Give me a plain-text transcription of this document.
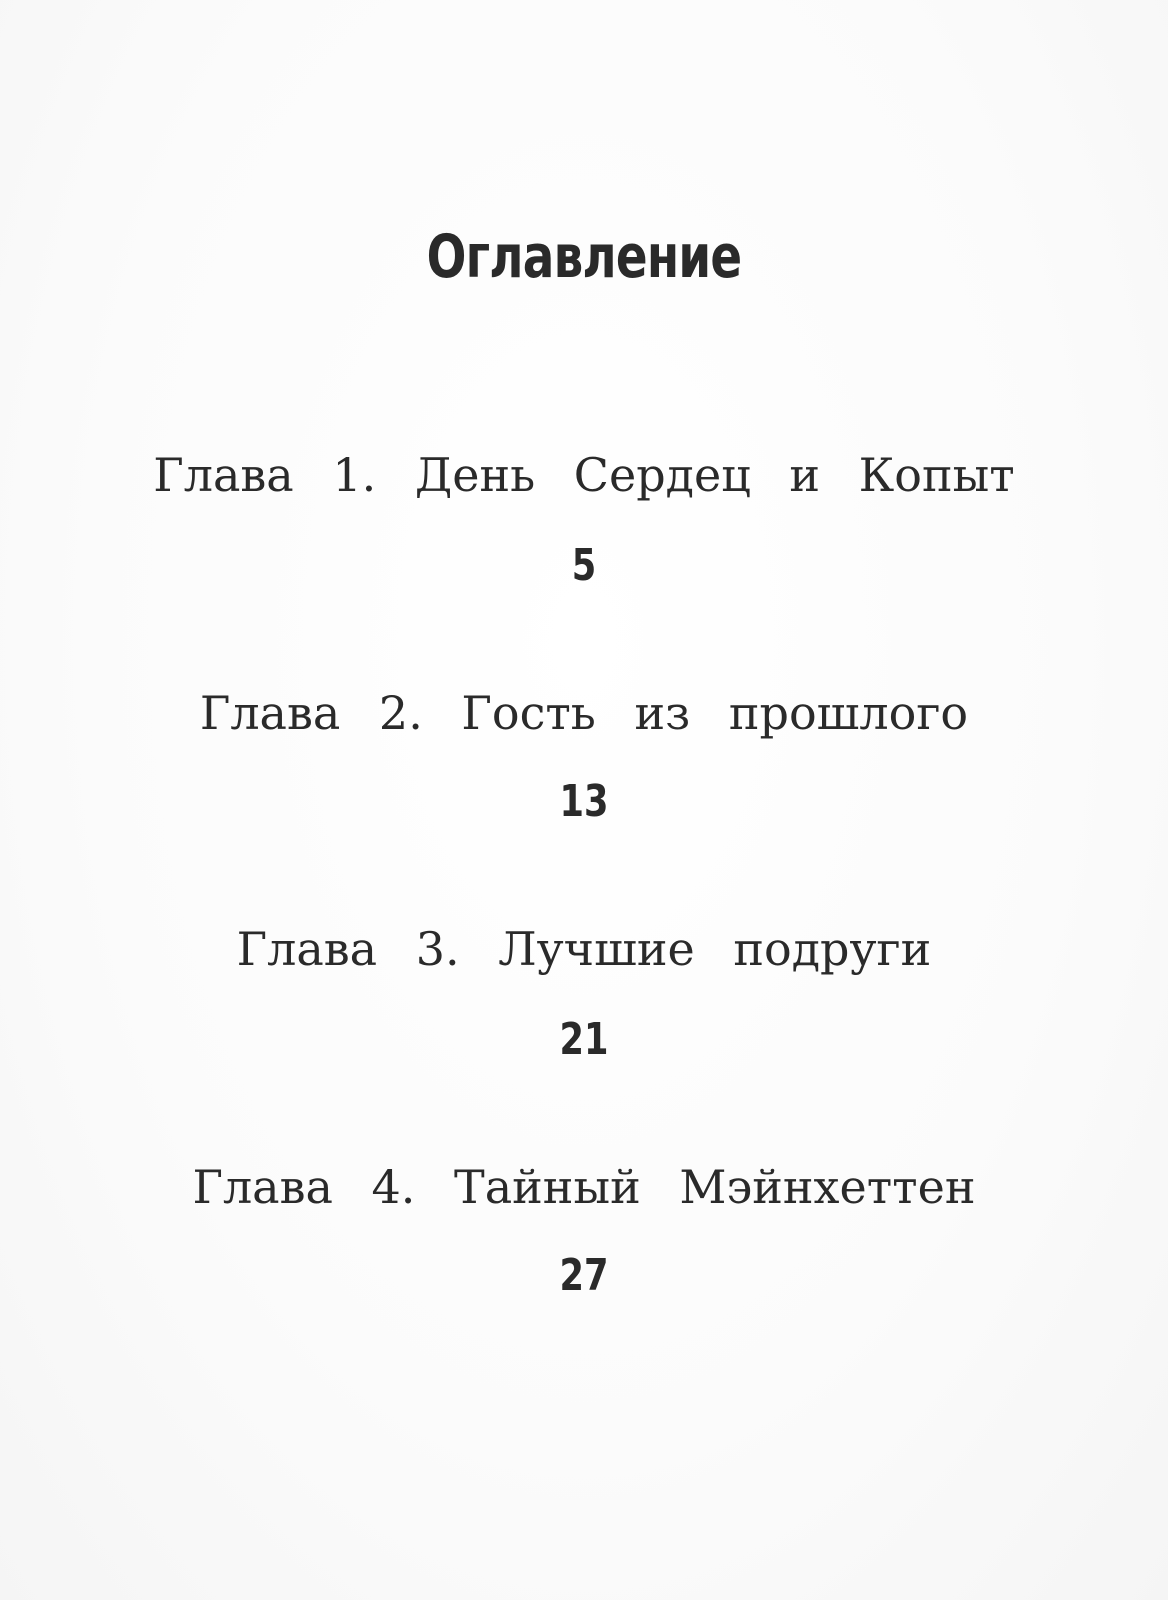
Оглавление
Глава 1. День Сердец и Копыт
5
Глава 2. Гость из прошлого
13
Глава 3. Лучшие подруги
21
Глава 4. Тайный Мэйнхеттен
27
